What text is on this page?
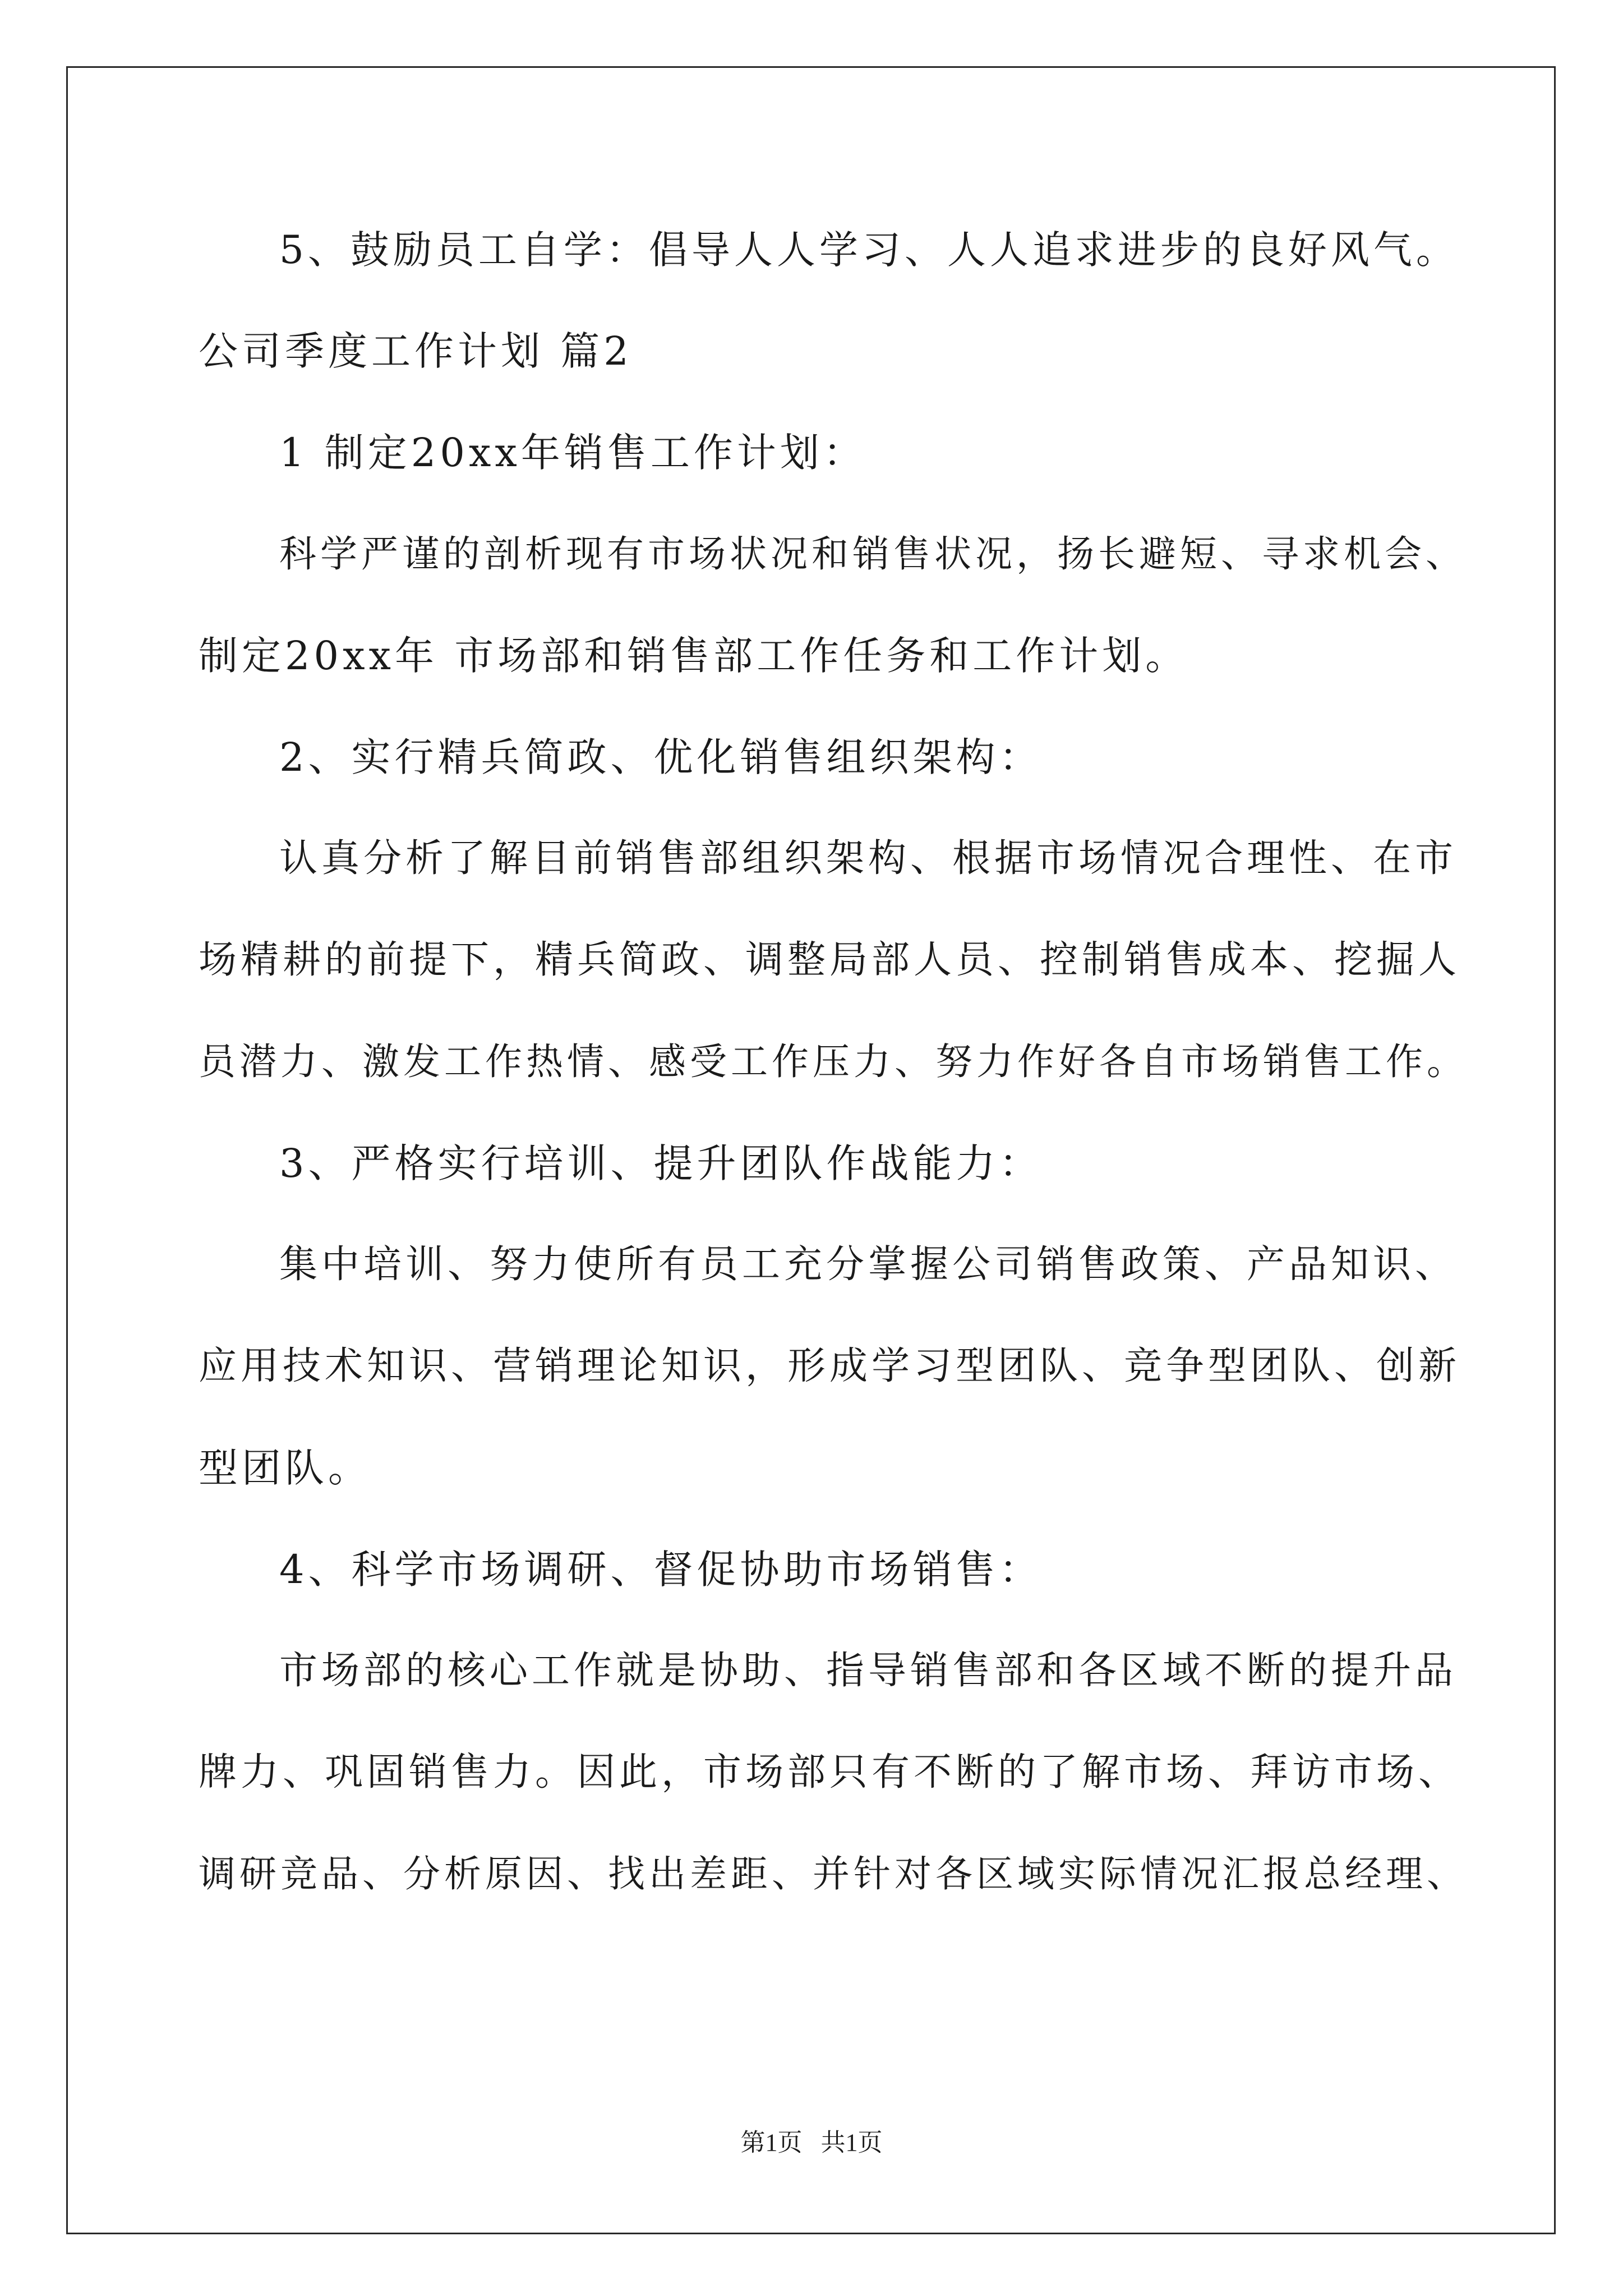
5、鼓励员工自学：倡导人人学习、人人追求进步的良好风气。

公司季度工作计划 篇2

1 制定20xx年销售工作计划：

科学严谨的剖析现有市场状况和销售状况，扬长避短、寻求机会、

制定20xx年 市场部和销售部工作任务和工作计划。

2、实行精兵简政、优化销售组织架构：

认真分析了解目前销售部组织架构、根据市场情况合理性、在市

场精耕的前提下，精兵简政、调整局部人员、控制销售成本、挖掘人

员潜力、激发工作热情、感受工作压力、努力作好各自市场销售工作。

3、严格实行培训、提升团队作战能力：

集中培训、努力使所有员工充分掌握公司销售政策、产品知识、

应用技术知识、营销理论知识，形成学习型团队、竞争型团队、创新

型团队。

4、科学市场调研、督促协助市场销售：

市场部的核心工作就是协助、指导销售部和各区域不断的提升品

牌力、巩固销售力。因此，市场部只有不断的了解市场、拜访市场、

调研竞品、分析原因、找出差距、并针对各区域实际情况汇报总经理、

第1页   共1页
